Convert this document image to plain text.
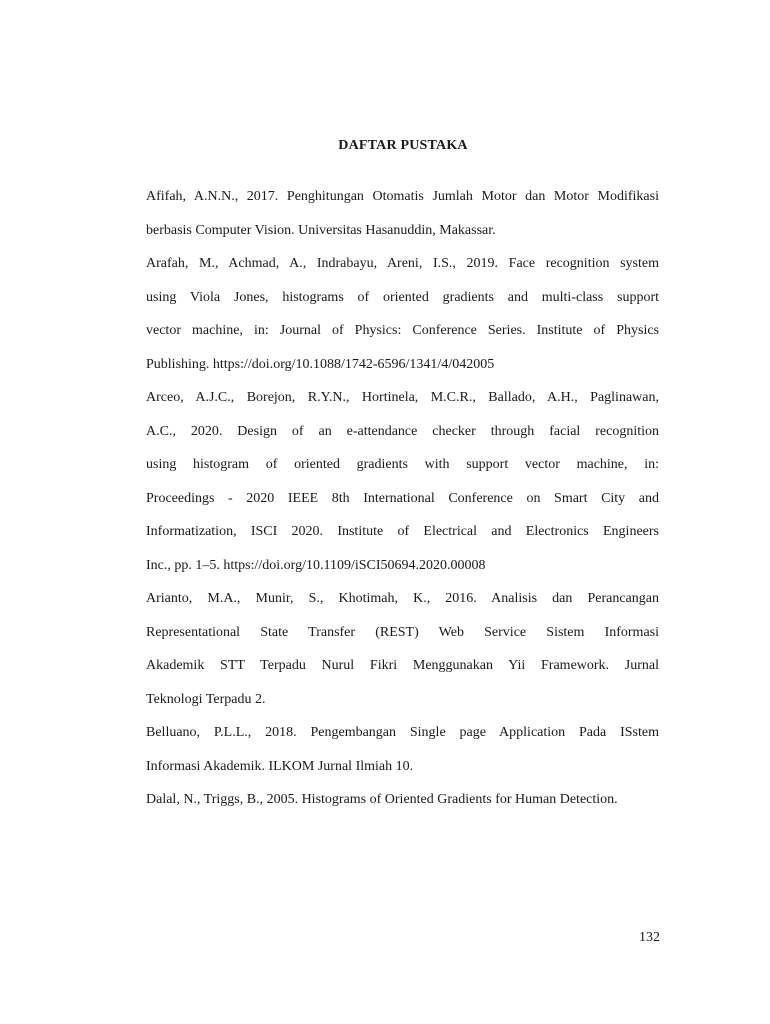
DAFTAR PUSTAKA

Afifah, A.N.N., 2017. Penghitungan Otomatis Jumlah Motor dan Motor Modifikasi
berbasis Computer Vision. Universitas Hasanuddin, Makassar.

Arafah, M., Achmad, A., Indrabayu, Areni, I.S., 2019. Face recognition system
using Viola Jones, histograms of oriented gradients and multi-class support
vector machine, in: Journal of Physics: Conference Series. Institute of Physics
Publishing. https://doi.org/10.1088/1742-6596/1341/4/042005

Arceo, A.J.C., Borejon, R.Y.N., Hortinela, M.C.R., Ballado, A.H., Paglinawan,
A.C., 2020. Design of an e-attendance checker through facial recognition
using histogram of oriented gradients with support vector machine, in:
Proceedings - 2020 IEEE 8th International Conference on Smart City and
Informatization, ISCI 2020. Institute of Electrical and Electronics Engineers
Inc., pp. 1–5. https://doi.org/10.1109/iSCI50694.2020.00008

Arianto, M.A., Munir, S., Khotimah, K., 2016. Analisis dan Perancangan
Representational State Transfer (REST) Web Service Sistem Informasi
Akademik STT Terpadu Nurul Fikri Menggunakan Yii Framework. Jurnal
Teknologi Terpadu 2.

Belluano, P.L.L., 2018. Pengembangan Single page Application Pada ISstem
Informasi Akademik. ILKOM Jurnal Ilmiah 10.

Dalal, N., Triggs, B., 2005. Histograms of Oriented Gradients for Human Detection.

132
